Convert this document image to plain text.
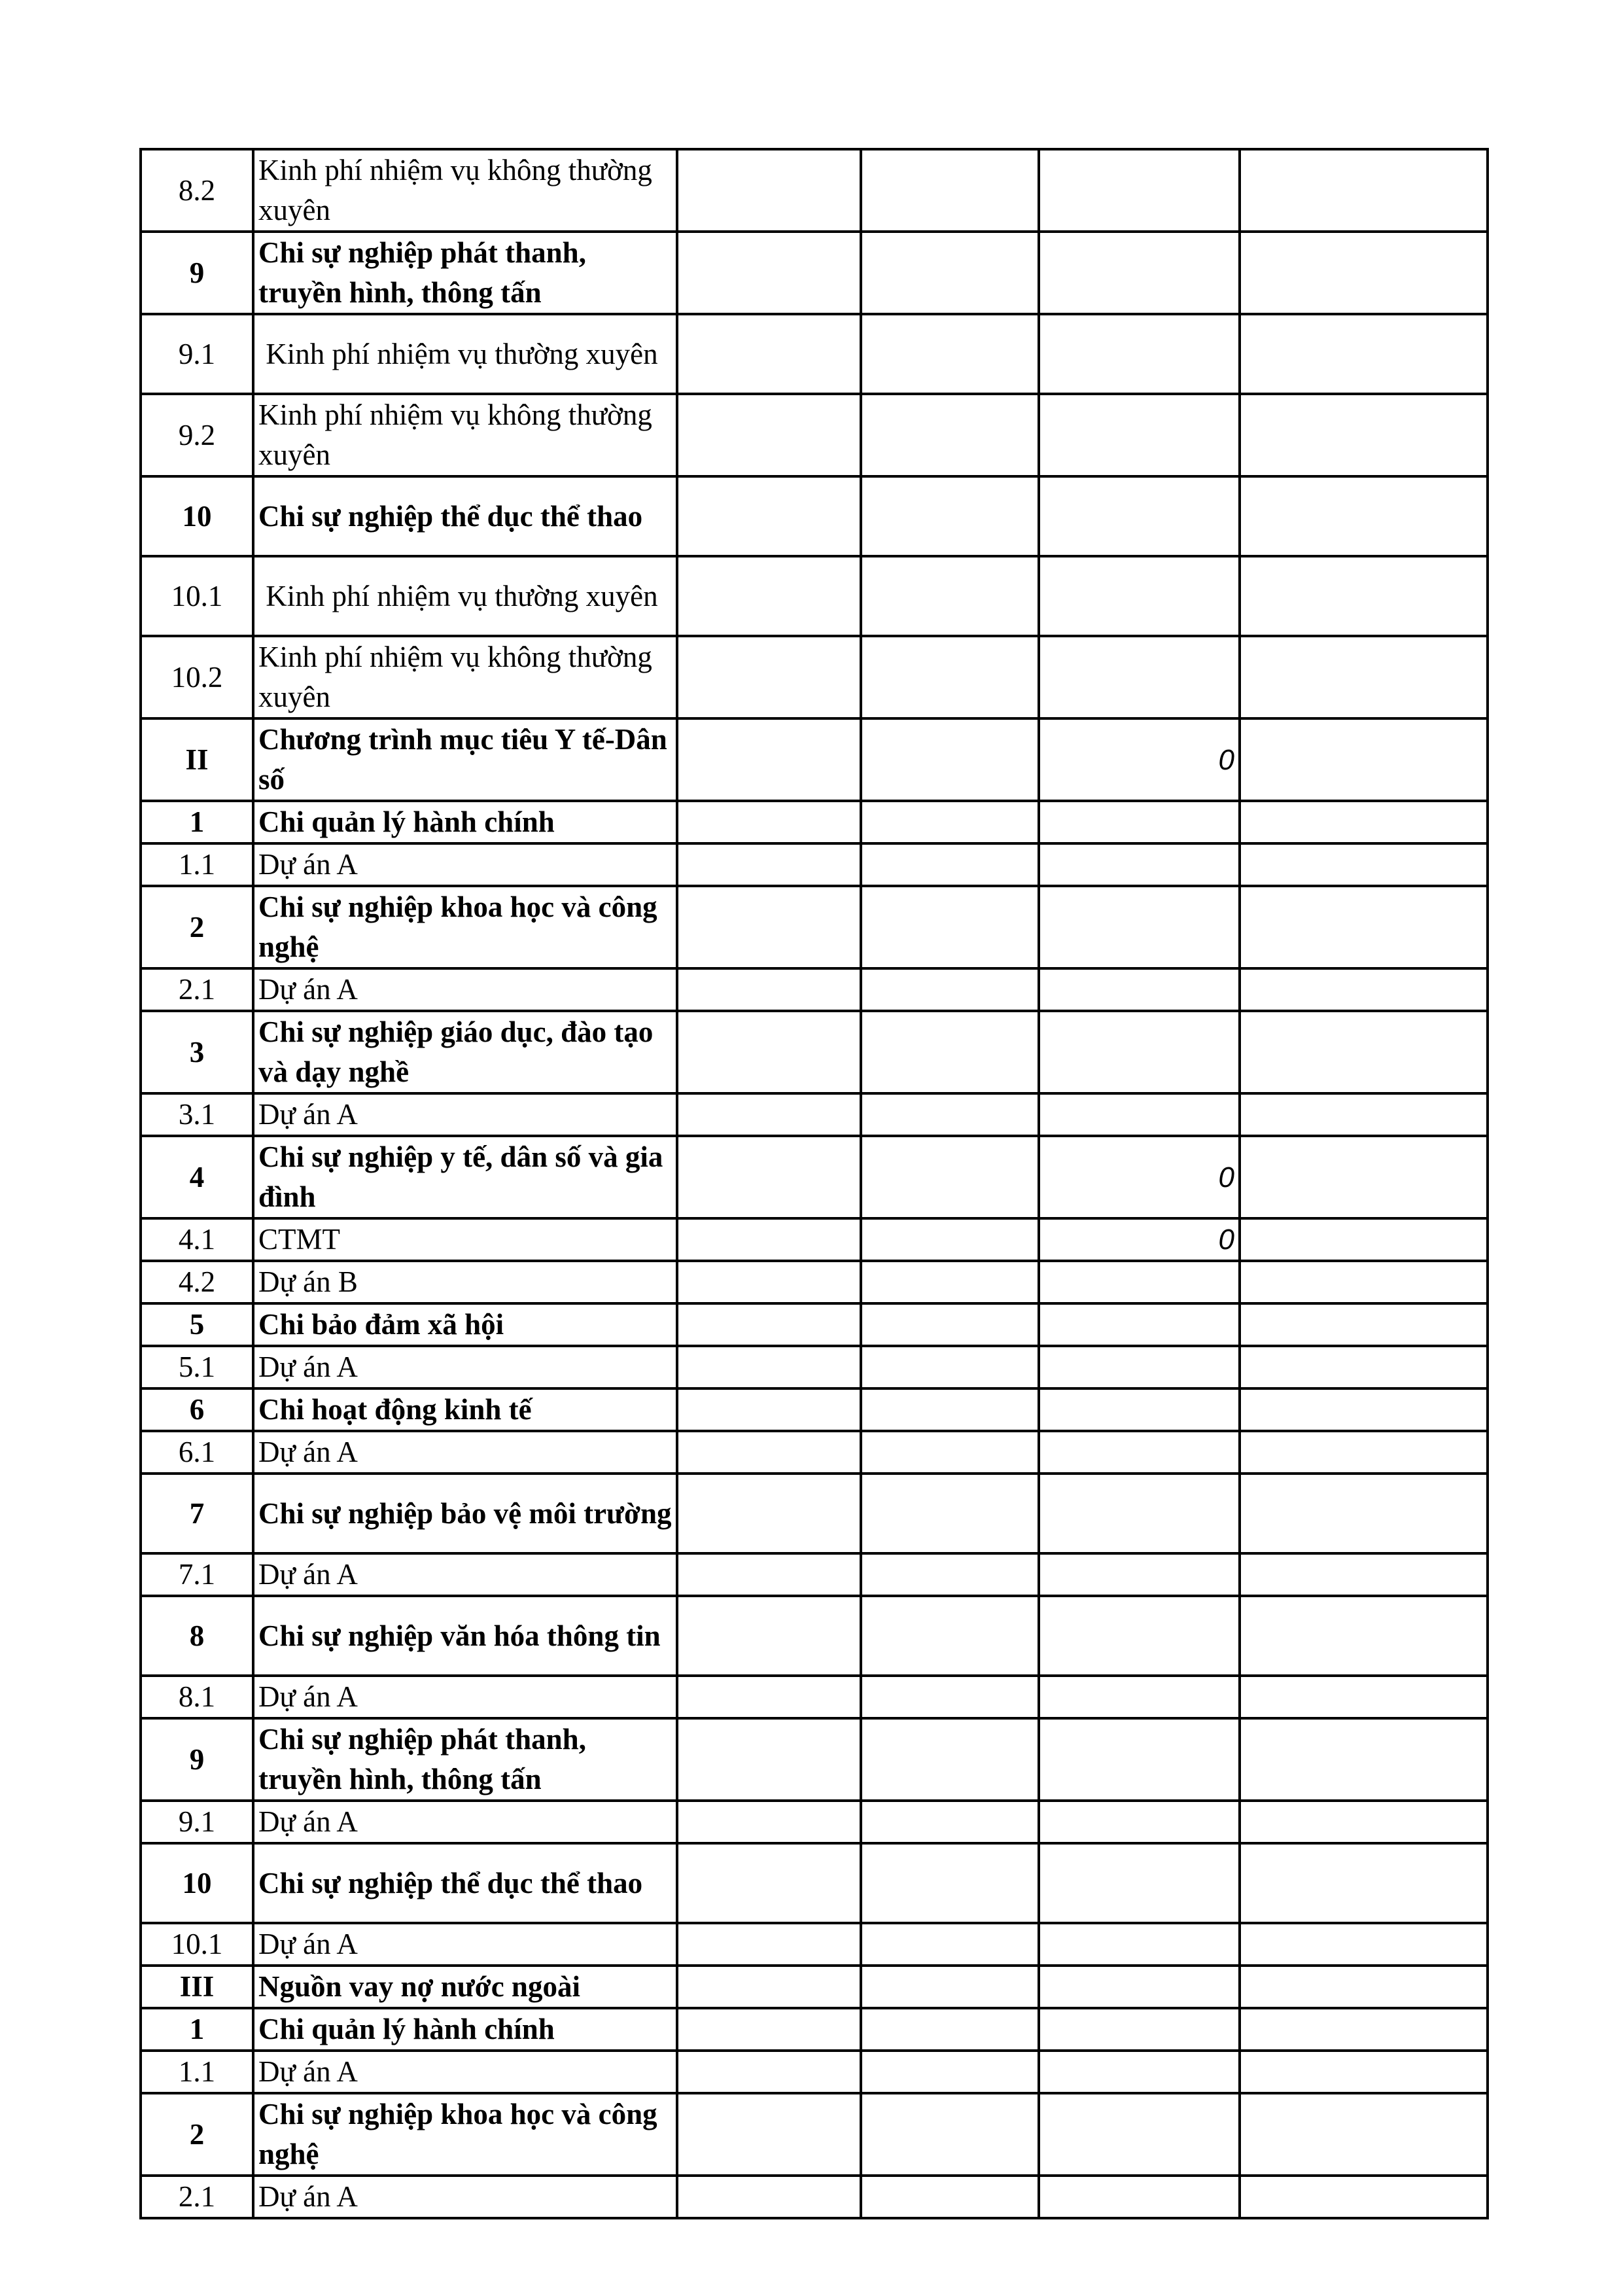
8.2	Kinh phí nhiệm vụ không thường xuyên				
9	Chi sự nghiệp phát thanh, truyền hình, thông tấn				
9.1	Kinh phí nhiệm vụ thường xuyên				
9.2	Kinh phí nhiệm vụ không thường xuyên				
10	Chi sự nghiệp thể dục thể thao				
10.1	Kinh phí nhiệm vụ thường xuyên				
10.2	Kinh phí nhiệm vụ không thường xuyên				
II	Chương trình mục tiêu Y tế-Dân số			0	
1	Chi quản lý hành chính				
1.1	Dự án A				
2	Chi sự nghiệp khoa học và công nghệ				
2.1	Dự án A				
3	Chi sự nghiệp giáo dục, đào tạo và dạy nghề				
3.1	Dự án A				
4	Chi sự nghiệp y tế, dân số và gia đình			0	
4.1	CTMT			0	
4.2	Dự án B				
5	Chi bảo đảm xã hội				
5.1	Dự án A				
6	Chi hoạt động kinh tế				
6.1	Dự án A				
7	Chi sự nghiệp bảo vệ môi trường				
7.1	Dự án A				
8	Chi sự nghiệp văn hóa thông tin				
8.1	Dự án A				
9	Chi sự nghiệp phát thanh, truyền hình, thông tấn				
9.1	Dự án A				
10	Chi sự nghiệp thể dục thể thao				
10.1	Dự án A				
III	Nguồn vay nợ nước ngoài				
1	Chi quản lý hành chính				
1.1	Dự án A				
2	Chi sự nghiệp khoa học và công nghệ				
2.1	Dự án A				
